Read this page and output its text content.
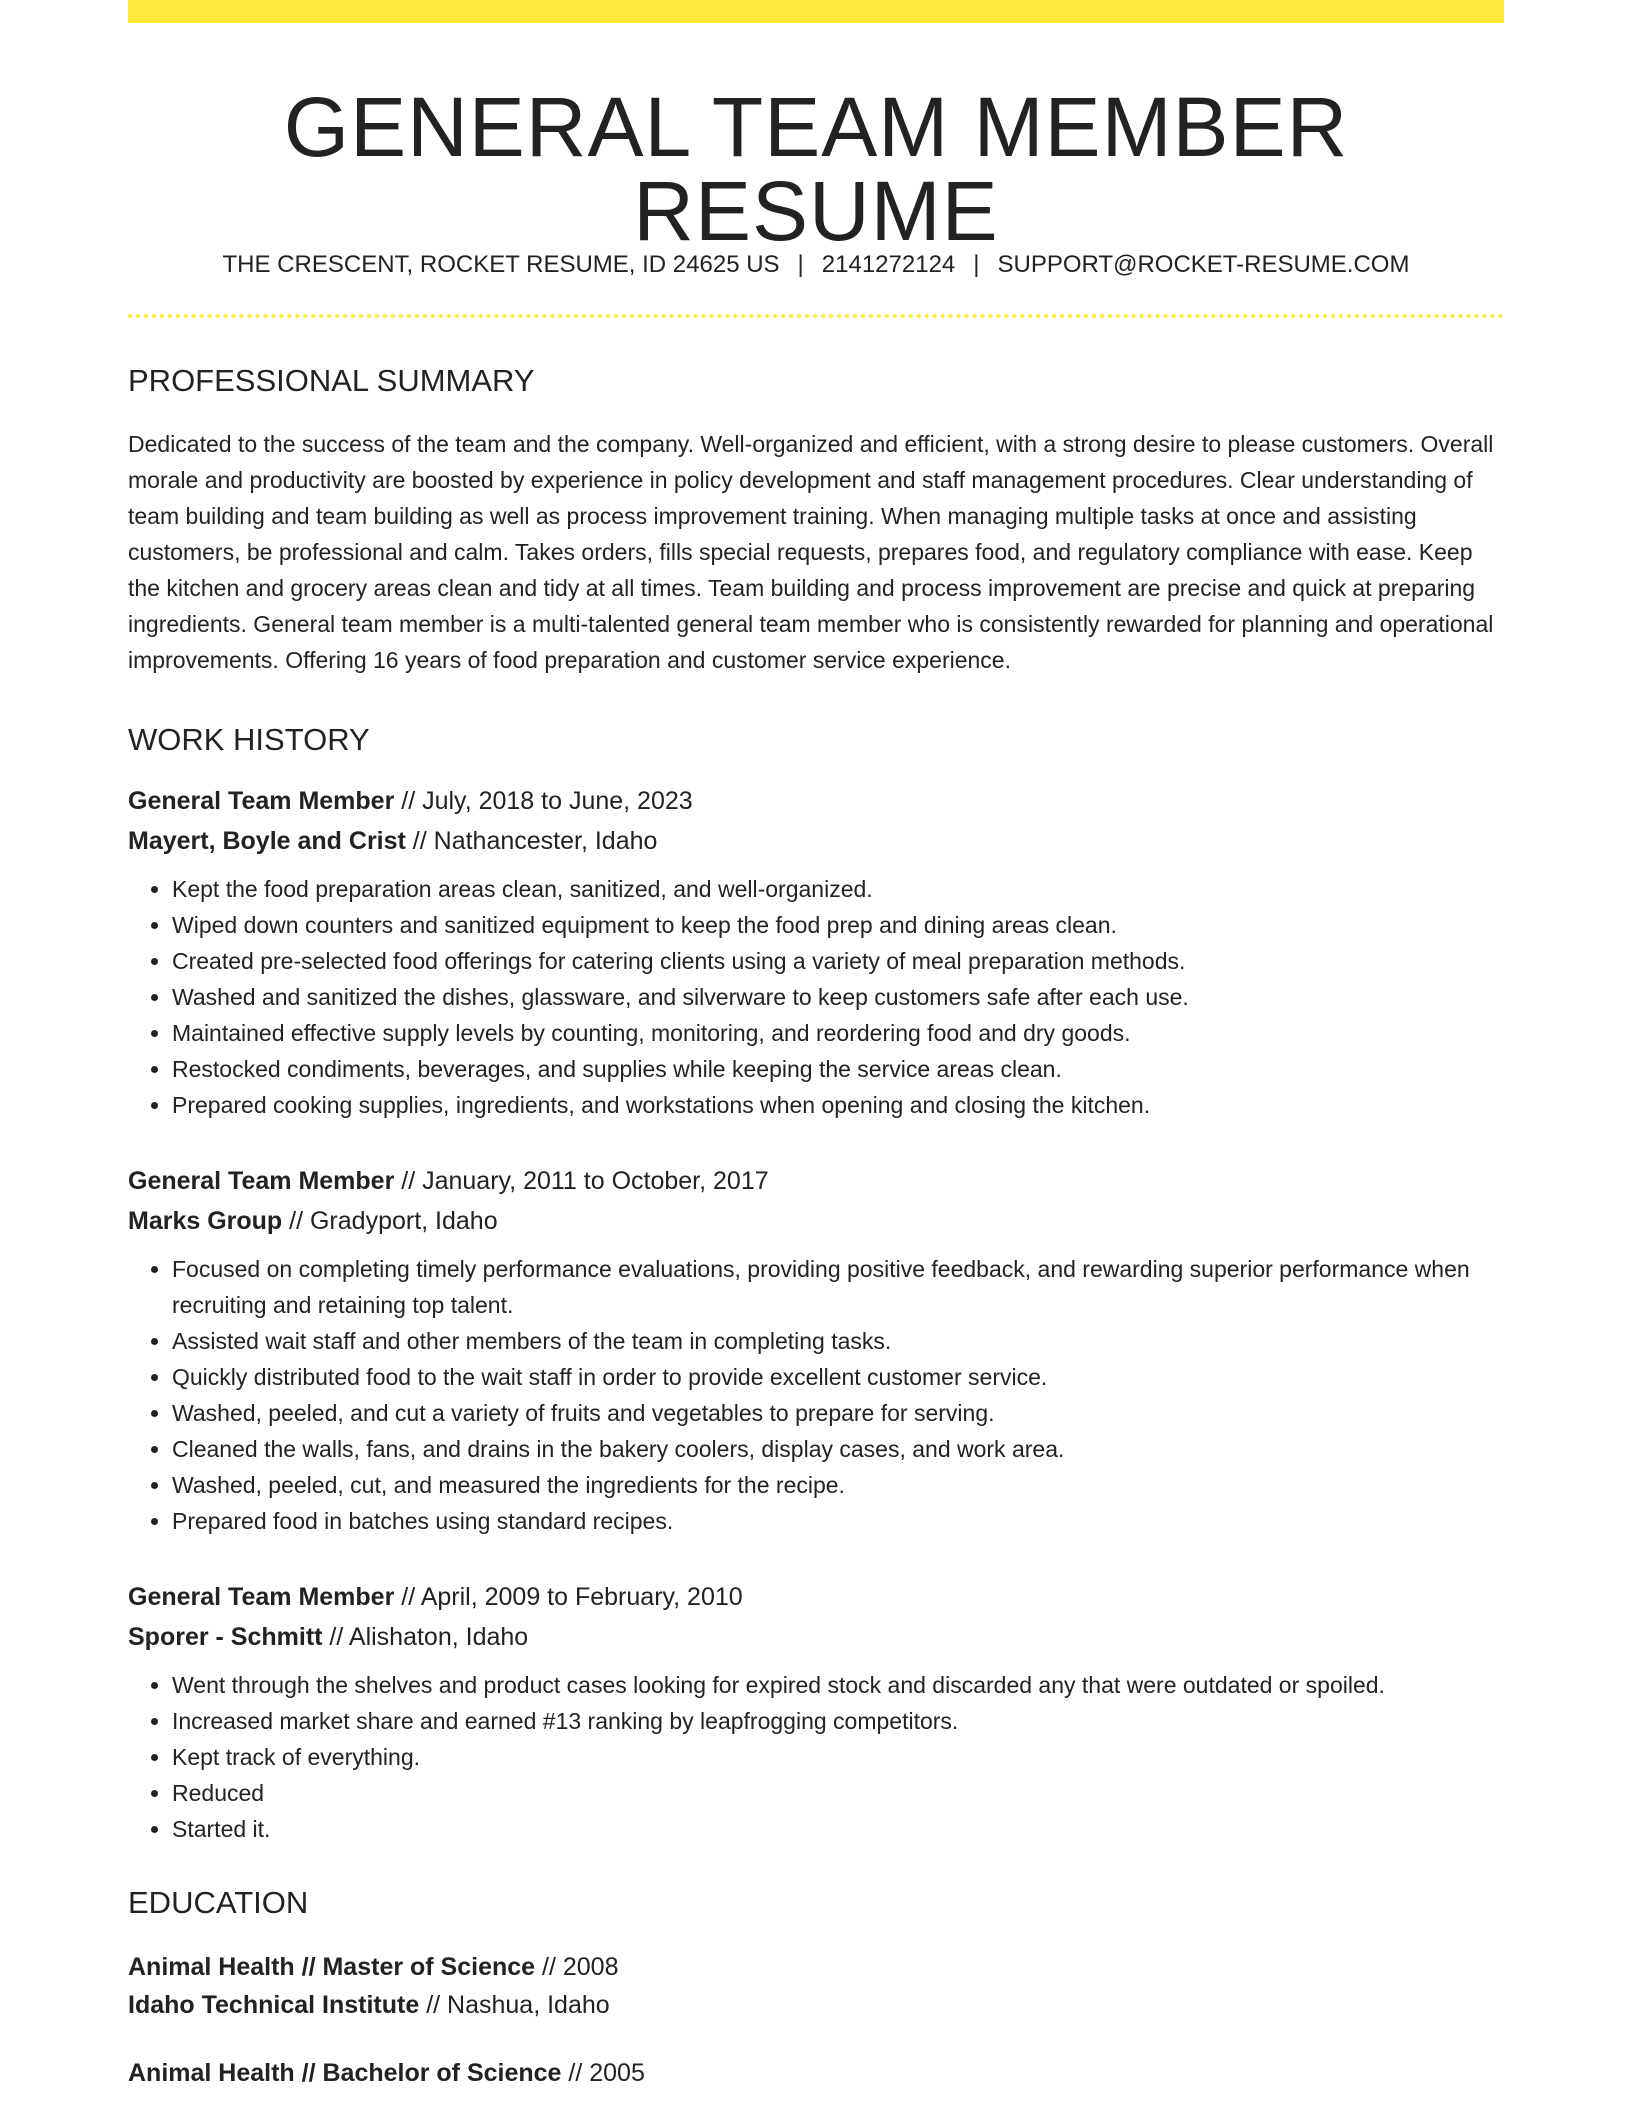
GENERAL TEAM MEMBER RESUME
THE CRESCENT, ROCKET RESUME, ID 24625 US | 2141272124 | SUPPORT@ROCKET-RESUME.COM
PROFESSIONAL SUMMARY

Dedicated to the success of the team and the company. Well-organized and efficient, with a strong desire to please customers. Overall morale and productivity are boosted by experience in policy development and staff management procedures. Clear understanding of team building and team building as well as process improvement training. When managing multiple tasks at once and assisting customers, be professional and calm. Takes orders, fills special requests, prepares food, and regulatory compliance with ease. Keep the kitchen and grocery areas clean and tidy at all times. Team building and process improvement are precise and quick at preparing ingredients. General team member is a multi-talented general team member who is consistently rewarded for planning and operational improvements. Offering 16 years of food preparation and customer service experience.

WORK HISTORY
General Team Member // July, 2018 to June, 2023
Mayert, Boyle and Crist // Nathancester, Idaho
• Kept the food preparation areas clean, sanitized, and well-organized.
• Wiped down counters and sanitized equipment to keep the food prep and dining areas clean.
• Created pre-selected food offerings for catering clients using a variety of meal preparation methods.
• Washed and sanitized the dishes, glassware, and silverware to keep customers safe after each use.
• Maintained effective supply levels by counting, monitoring, and reordering food and dry goods.
• Restocked condiments, beverages, and supplies while keeping the service areas clean.
• Prepared cooking supplies, ingredients, and workstations when opening and closing the kitchen.
General Team Member // January, 2011 to October, 2017
Marks Group // Gradyport, Idaho
• Focused on completing timely performance evaluations, providing positive feedback, and rewarding superior performance when recruiting and retaining top talent.
• Assisted wait staff and other members of the team in completing tasks.
• Quickly distributed food to the wait staff in order to provide excellent customer service.
• Washed, peeled, and cut a variety of fruits and vegetables to prepare for serving.
• Cleaned the walls, fans, and drains in the bakery coolers, display cases, and work area.
• Washed, peeled, cut, and measured the ingredients for the recipe.
• Prepared food in batches using standard recipes.
General Team Member // April, 2009 to February, 2010
Sporer - Schmitt // Alishaton, Idaho
• Went through the shelves and product cases looking for expired stock and discarded any that were outdated or spoiled.
• Increased market share and earned #13 ranking by leapfrogging competitors.
• Kept track of everything.
• Reduced
• Started it.
EDUCATION
Animal Health // Master of Science // 2008
Idaho Technical Institute // Nashua, Idaho
Animal Health // Bachelor of Science // 2005
